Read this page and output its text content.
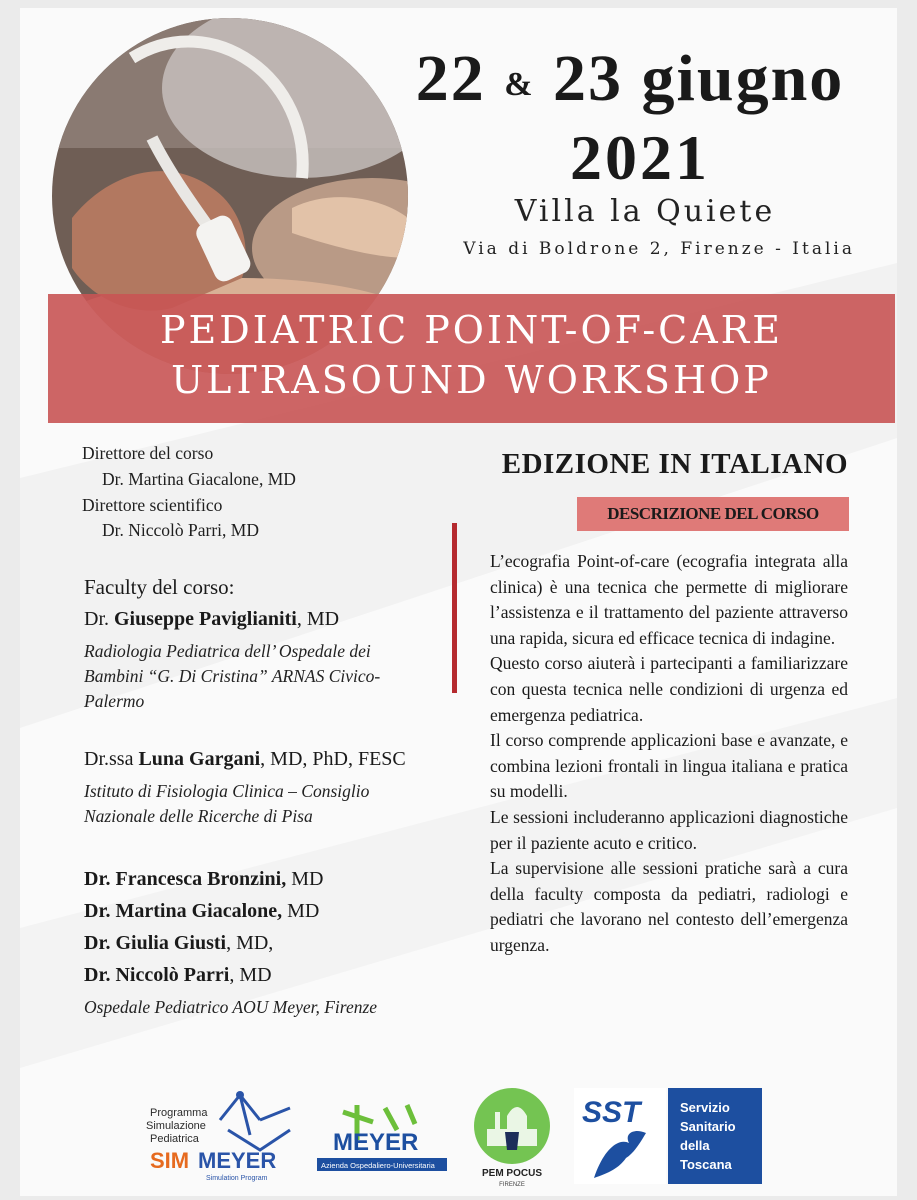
22 & 23 giugno
2021
Villa la Quiete
Via di Boldrone 2, Firenze - Italia
PEDIATRIC POINT-OF-CARE
ULTRASOUND WORKSHOP
Direttore del corso
Dr. Martina Giacalone, MD
Direttore scientifico
Dr. Niccolò Parri, MD
Faculty del corso:
Dr. Giuseppe Paviglianiti, MD
Radiologia Pediatrica dell’ Ospedale dei
Bambini “G. Di Cristina” ARNAS Civico-
Palermo
Dr.ssa Luna Gargani, MD, PhD, FESC
Istituto di Fisiologia Clinica – Consiglio
Nazionale delle Ricerche di Pisa
Dr. Francesca Bronzini, MD
Dr. Martina Giacalone, MD
Dr. Giulia Giusti, MD,
Dr. Niccolò Parri, MD
Ospedale Pediatrico AOU Meyer, Firenze
EDIZIONE IN ITALIANO
DESCRIZIONE DEL CORSO

L’ecografia Point-of-care (ecografia integrata alla clinica) è una tecnica che permette di migliorare l’assistenza e il trattamento del paziente attraverso una rapida, sicura ed efficace tecnica di indagine.

Questo corso aiuterà i partecipanti a familiarizzare con questa tecnica nelle condizioni di urgenza ed emergenza pediatrica.

Il corso comprende applicazioni base e avanzate, e combina lezioni frontali in lingua italiana e pratica su modelli.

Le sessioni includeranno applicazioni diagnostiche per il paziente acuto e critico.

La supervisione alle sessioni pratiche sarà a cura della faculty composta da pediatri, radiologi e pediatri che lavorano nel contesto dell’emergenza urgenza.

Programma
Simulazione
Pediatrica
SIM MEYER
Simulation Program
MEYER
Azienda Ospedaliero-Universitaria
PEM POCUS
FIRENZE
SST	Servizio
Sanitario
della
Toscana
